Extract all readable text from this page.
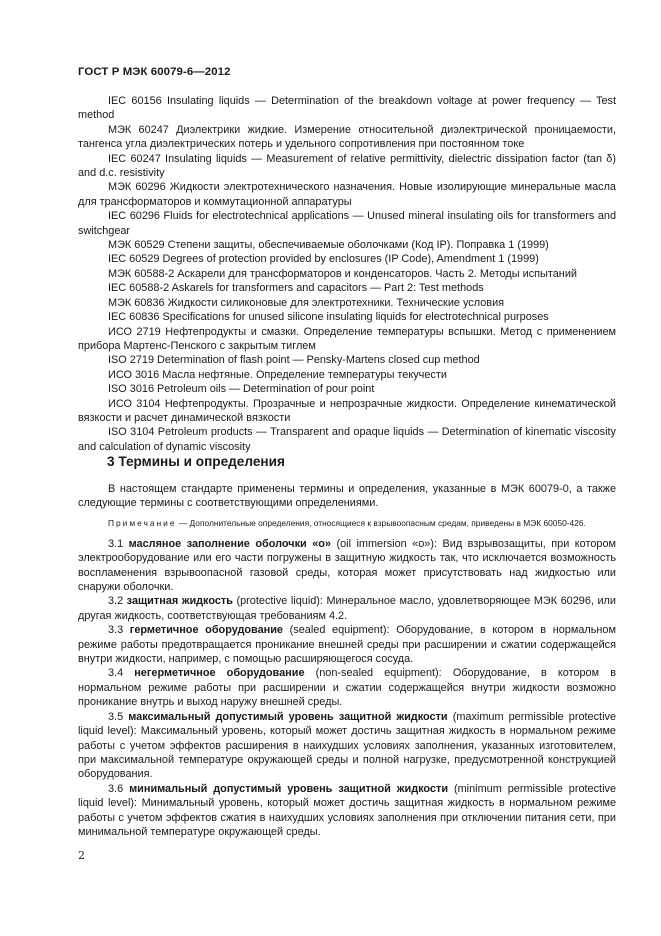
ГОСТ Р МЭК 60079-6—2012

IEC 60156 Insulating liquids — Determination of the breakdown voltage at power frequency — Test method

МЭК 60247 Диэлектрики жидкие. Измерение относительной диэлектрической проницаемости, тангенса угла диэлектрических потерь и удельного сопротивления при постоянном токе

IEC 60247 Insulating liquids — Measurement of relative permittivity, dielectric dissipation factor (tan δ) and d.c. resistivity

МЭК 60296 Жидкости электротехнического назначения. Новые изолирующие минеральные масла для трансформаторов и коммутационной аппаратуры

IEC 60296 Fluids for electrotechnical applications — Unused mineral insulating oils for transformers and switchgear

МЭК 60529 Степени защиты, обеспечиваемые оболочками (Код IP). Поправка 1 (1999)

IEC 60529 Degrees of protection provided by enclosures (IP Code), Amendment 1 (1999)

МЭК 60588-2 Аскарели для трансформаторов и конденсаторов. Часть 2. Методы испытаний

IEC 60588-2 Askarels for transformers and capacitors — Part 2: Test methods

МЭК 60836 Жидкости силиконовые для электротехники. Технические условия

IEC 60836 Specifications for unused silicone insulating liquids for electrotechnical purposes

ИСО 2719 Нефтепродукты и смазки. Определение температуры вспышки. Метод с применением прибора Мартенс-Пенского с закрытым тиглем

ISO 2719 Determination of flash point — Pensky-Martens closed cup method

ИСО 3016 Масла нефтяные. Определение температуры текучести

ISO 3016 Petroleum oils — Determination of pour point

ИСО 3104 Нефтепродукты. Прозрачные и непрозрачные жидкости. Определение кинематической вязкости и расчет динамической вязкости

ISO 3104 Petroleum products — Transparent and opaque liquids — Determination of kinematic viscosity and calculation of dynamic viscosity

3 Термины и определения

В настоящем стандарте применены термины и определения, указанные в МЭК 60079-0, а также следующие термины с соответствующими определениями.

Примечание — Дополнительные определения, относящиеся к взрывоопасным средам, приведены в МЭК 60050-426.

3.1 масляное заполнение оболочки «о» (oil immersion «o»): Вид взрывозащиты, при котором электрооборудование или его части погружены в защитную жидкость так, что исключается возможность воспламенения взрывоопасной газовой среды, которая может присутствовать над жидкостью или снаружи оболочки.

3.2 защитная жидкость (protective liquid): Минеральное масло, удовлетворяющее МЭК 60296, или другая жидкость, соответствующая требованиям 4.2.

3.3 герметичное оборудование (sealed equipment): Оборудование, в котором в нормальном режиме работы предотвращается проникание внешней среды при расширении и сжатии содержащейся внутри жидкости, например, с помощью расширяющегося сосуда.

3.4 негерметичное оборудование (non-sealed equipment): Оборудование, в котором в нормальном режиме работы при расширении и сжатии содержащейся внутри жидкости возможно проникание внутрь и выход наружу внешней среды.

3.5 максимальный допустимый уровень защитной жидкости (maximum permissible protective liquid level): Максимальный уровень, который может достичь защитная жидкость в нормальном режиме работы с учетом эффектов расширения в наихудших условиях заполнения, указанных изготовителем, при максимальной температуре окружающей среды и полной нагрузке, предусмотренной конструкцией оборудования.

3.6 минимальный допустимый уровень защитной жидкости (minimum permissible protective liquid level): Минимальный уровень, который может достичь защитная жидкость в нормальном режиме работы с учетом эффектов сжатия в наихудших условиях заполнения при отключении питания сети, при минимальной температуре окружающей среды.

2
